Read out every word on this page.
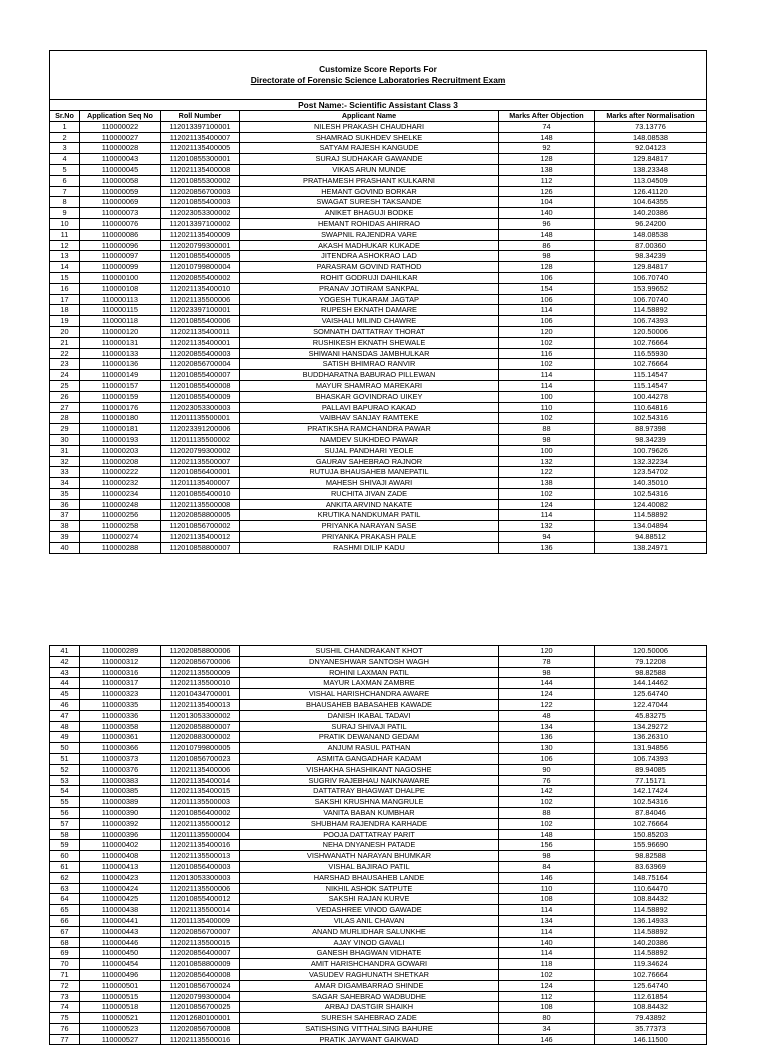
Customize Score Reports For
Directorate of Forensic Science Laboratories Recruitment Exam					

Post Name:- Scientific Assistant Class 3					
Sr.No	Application Seq No	Roll Number	Applicant Name	Marks After Objection	Marks after Normalisation
1	110000022	112013397100001	NILESH PRAKASH CHAUDHARI	74	73.13776
2	110000027	112021135400007	SHAMRAO SUKHDEV SHELKE	148	148.08538
3	110000028	112021135400005	SATYAM RAJESH KANGUDE	92	92.04123
4	110000043	112010855300001	SURAJ SUDHAKAR GAWANDE	128	129.84817
5	110000045	112021135400008	VIKAS ARUN MUNDE	138	138.23348
6	110000058	112010855300002	PRATHAMESH PRASHANT KULKARNI	112	113.04509
7	110000059	112020856700003	HEMANT GOVIND BORKAR	126	126.41120
8	110000069	112010855400003	SWAGAT SURESH TAKSANDE	104	104.64355
9	110000073	112023053300002	ANIKET BHAGUJI BODKE	140	140.20386
10	110000076	112013397100002	HEMANT ROHIDAS AHIRRAO	96	96.24200
11	110000086	112021135400009	SWAPNIL RAJENDRA VARE	148	148.08538
12	110000096	112020799300001	AKASH MADHUKAR KUKADE	86	87.00360
13	110000097	112010855400005	JITENDRA ASHOKRAO LAD	98	98.34239
14	110000099	112010799800004	PARASRAM GOVIND RATHOD	128	129.84817
15	110000100	112020855400002	ROHIT GODRUJI DAHILKAR	106	106.70740
16	110000108	112021135400010	PRANAV JOTIRAM SANKPAL	154	153.99652
17	110000113	112021135500006	YOGESH TUKARAM JAGTAP	106	106.70740
18	110000115	112023397100001	RUPESH EKNATH DAMARE	114	114.58892
19	110000118	112010855400006	VAISHALI MILIND CHAWRE	106	106.74393
20	110000120	112021135400011	SOMNATH DATTATRAY THORAT	120	120.50006
21	110000131	112021135400001	RUSHIKESH EKNATH SHEWALE	102	102.76664
22	110000133	112020855400003	SHIWANI HANSDAS JAMBHULKAR	116	116.55930
23	110000136	112020856700004	SATISH BHIMRAO RANVIR	102	102.76664
24	110000149	112010855400007	BUDDHARATNA BABURAO PILLEWAN	114	115.14547
25	110000157	112010855400008	MAYUR SHAMRAO MAREKARI	114	115.14547
26	110000159	112010855400009	BHASKAR GOVINDRAO UIKEY	100	100.44278
27	110000176	112023053300003	PALLAVI BAPURAO KAKAD	110	110.64816
28	110000180	112011135500001	VAIBHAV SANJAY RAMTEKE	102	102.54316
29	110000181	112023391200006	PRATIKSHA RAMCHANDRA PAWAR	88	88.97398
30	110000193	112011135500002	NAMDEV SUKHDEO PAWAR	98	98.34239
31	110000203	112020799300002	SUJAL PANDHARI YEOLE	100	100.79626
32	110000208	112021135500007	GAURAV SAHEBRAO RAJNOR	132	132.32234
33	110000222	112010856400001	RUTUJA BHAUSAHEB MANEPATIL	122	123.54702
34	110000232	112011135400007	MAHESH SHIVAJI AWARI	138	140.35010
35	110000234	112010855400010	RUCHITA JIVAN ZADE	102	102.54316
36	110000248	112021135500008	ANKITA ARVIND NAKATE	124	124.40082
37	110000256	112020858800005	KRUTIKA NANDKUMAR PATIL	114	114.58892
38	110000258	112010856700002	PRIYANKA NARAYAN SASE	132	134.04894
39	110000274	112021135400012	PRIYANKA PRAKASH PALE	94	94.88512
40	110000288	112010858800007	RASHMI DILIP KADU	136	138.24971
41	110000289	112020858800006	SUSHIL CHANDRAKANT KHOT	120	120.50006
42	110000312	112020856700006	DNYANESHWAR SANTOSH WAGH	78	79.12208
43	110000316	112021135500009	ROHINI LAXMAN PATIL	98	98.82588
44	110000317	112021135500010	MAYUR LAXMAN ZAMBRE	144	144.14462
45	110000323	112010434700001	VISHAL HARISHCHANDRA AWARE	124	125.64740
46	110000335	112021135400013	BHAUSAHEB BABASAHEB KAWADE	122	122.47044
47	110000336	112013053300002	DANISH IKABAL TADAVI	48	45.83275
48	110000358	112020858800007	SURAJ SHIVAJI PATIL	134	134.29272
49	110000361	112020883000002	PRATIK DEWANAND GEDAM	136	136.26310
50	110000366	112010799800005	ANJUM RASUL PATHAN	130	131.94856
51	110000373	112010856700023	ASMITA GANGADHAR KADAM	106	106.74393
52	110000376	112021135400006	VISHAKHA SHASHIKANT NAGOSHE	90	89.94085
53	110000383	112021135400014	SUGRIV RAJEBHAU NAIKNAWARE	76	77.15171
54	110000385	112021135400015	DATTATRAY BHAGWAT DHALPE	142	142.17424
55	110000389	112011135500003	SAKSHI KRUSHNA MANGRULE	102	102.54316
56	110000390	112010856400002	VANITA BABAN KUMBHAR	88	87.84046
57	110000392	112021135500012	SHUBHAM RAJENDRA KARHADE	102	102.76664
58	110000396	112011135500004	POOJA DATTATRAY PARIT	148	150.85203
59	110000402	112021135400016	NEHA DNYANESH PATADE	156	155.96690
60	110000408	112021135500013	VISHWANATH NARAYAN BHUMKAR	98	98.82588
61	110000413	112010856400003	VISHAL BAJIRAO PATIL	84	83.63969
62	110000423	112013053300003	HARSHAD BHAUSAHEB LANDE	146	148.75164
63	110000424	112021135500006	NIKHIL ASHOK SATPUTE	110	110.64470
64	110000425	112010855400012	SAKSHI RAJAN KURVE	108	108.84432
65	110000438	112021135500014	VEDASHREE VINOD GAWADE	114	114.58892
66	110000441	112011135400009	VILAS ANIL CHAVAN	134	136.14933
67	110000443	112020856700007	ANAND MURLIDHAR SALUNKHE	114	114.58892
68	110000446	112021135500015	AJAY VINOD GAVALI	140	140.20386
69	110000450	112020856400007	GANESH BHAGWAN VIDHATE	114	114.58892
70	110000454	112010858800009	AMIT HARISHCHANDRA GOWARI	118	119.34624
71	110000496	112020856400008	VASUDEV RAGHUNATH SHETKAR	102	102.76664
72	110000501	112010856700024	AMAR DIGAMBARRAO SHINDE	124	125.64740
73	110000515	112020799300004	SAGAR SAHEBRAO WADBUDHE	112	112.61854
74	110000518	112010856700025	ARBAJ DASTGIR SHAIKH	108	108.84432
75	110000521	112012680100001	SURESH SAHEBRAO ZADE	80	79.43892
76	110000523	112020856700008	SATISHSING VITTHALSING BAHURE	34	35.77373
77	110000527	112021135500016	PRATIK JAYWANT GAIKWAD	146	146.11500
